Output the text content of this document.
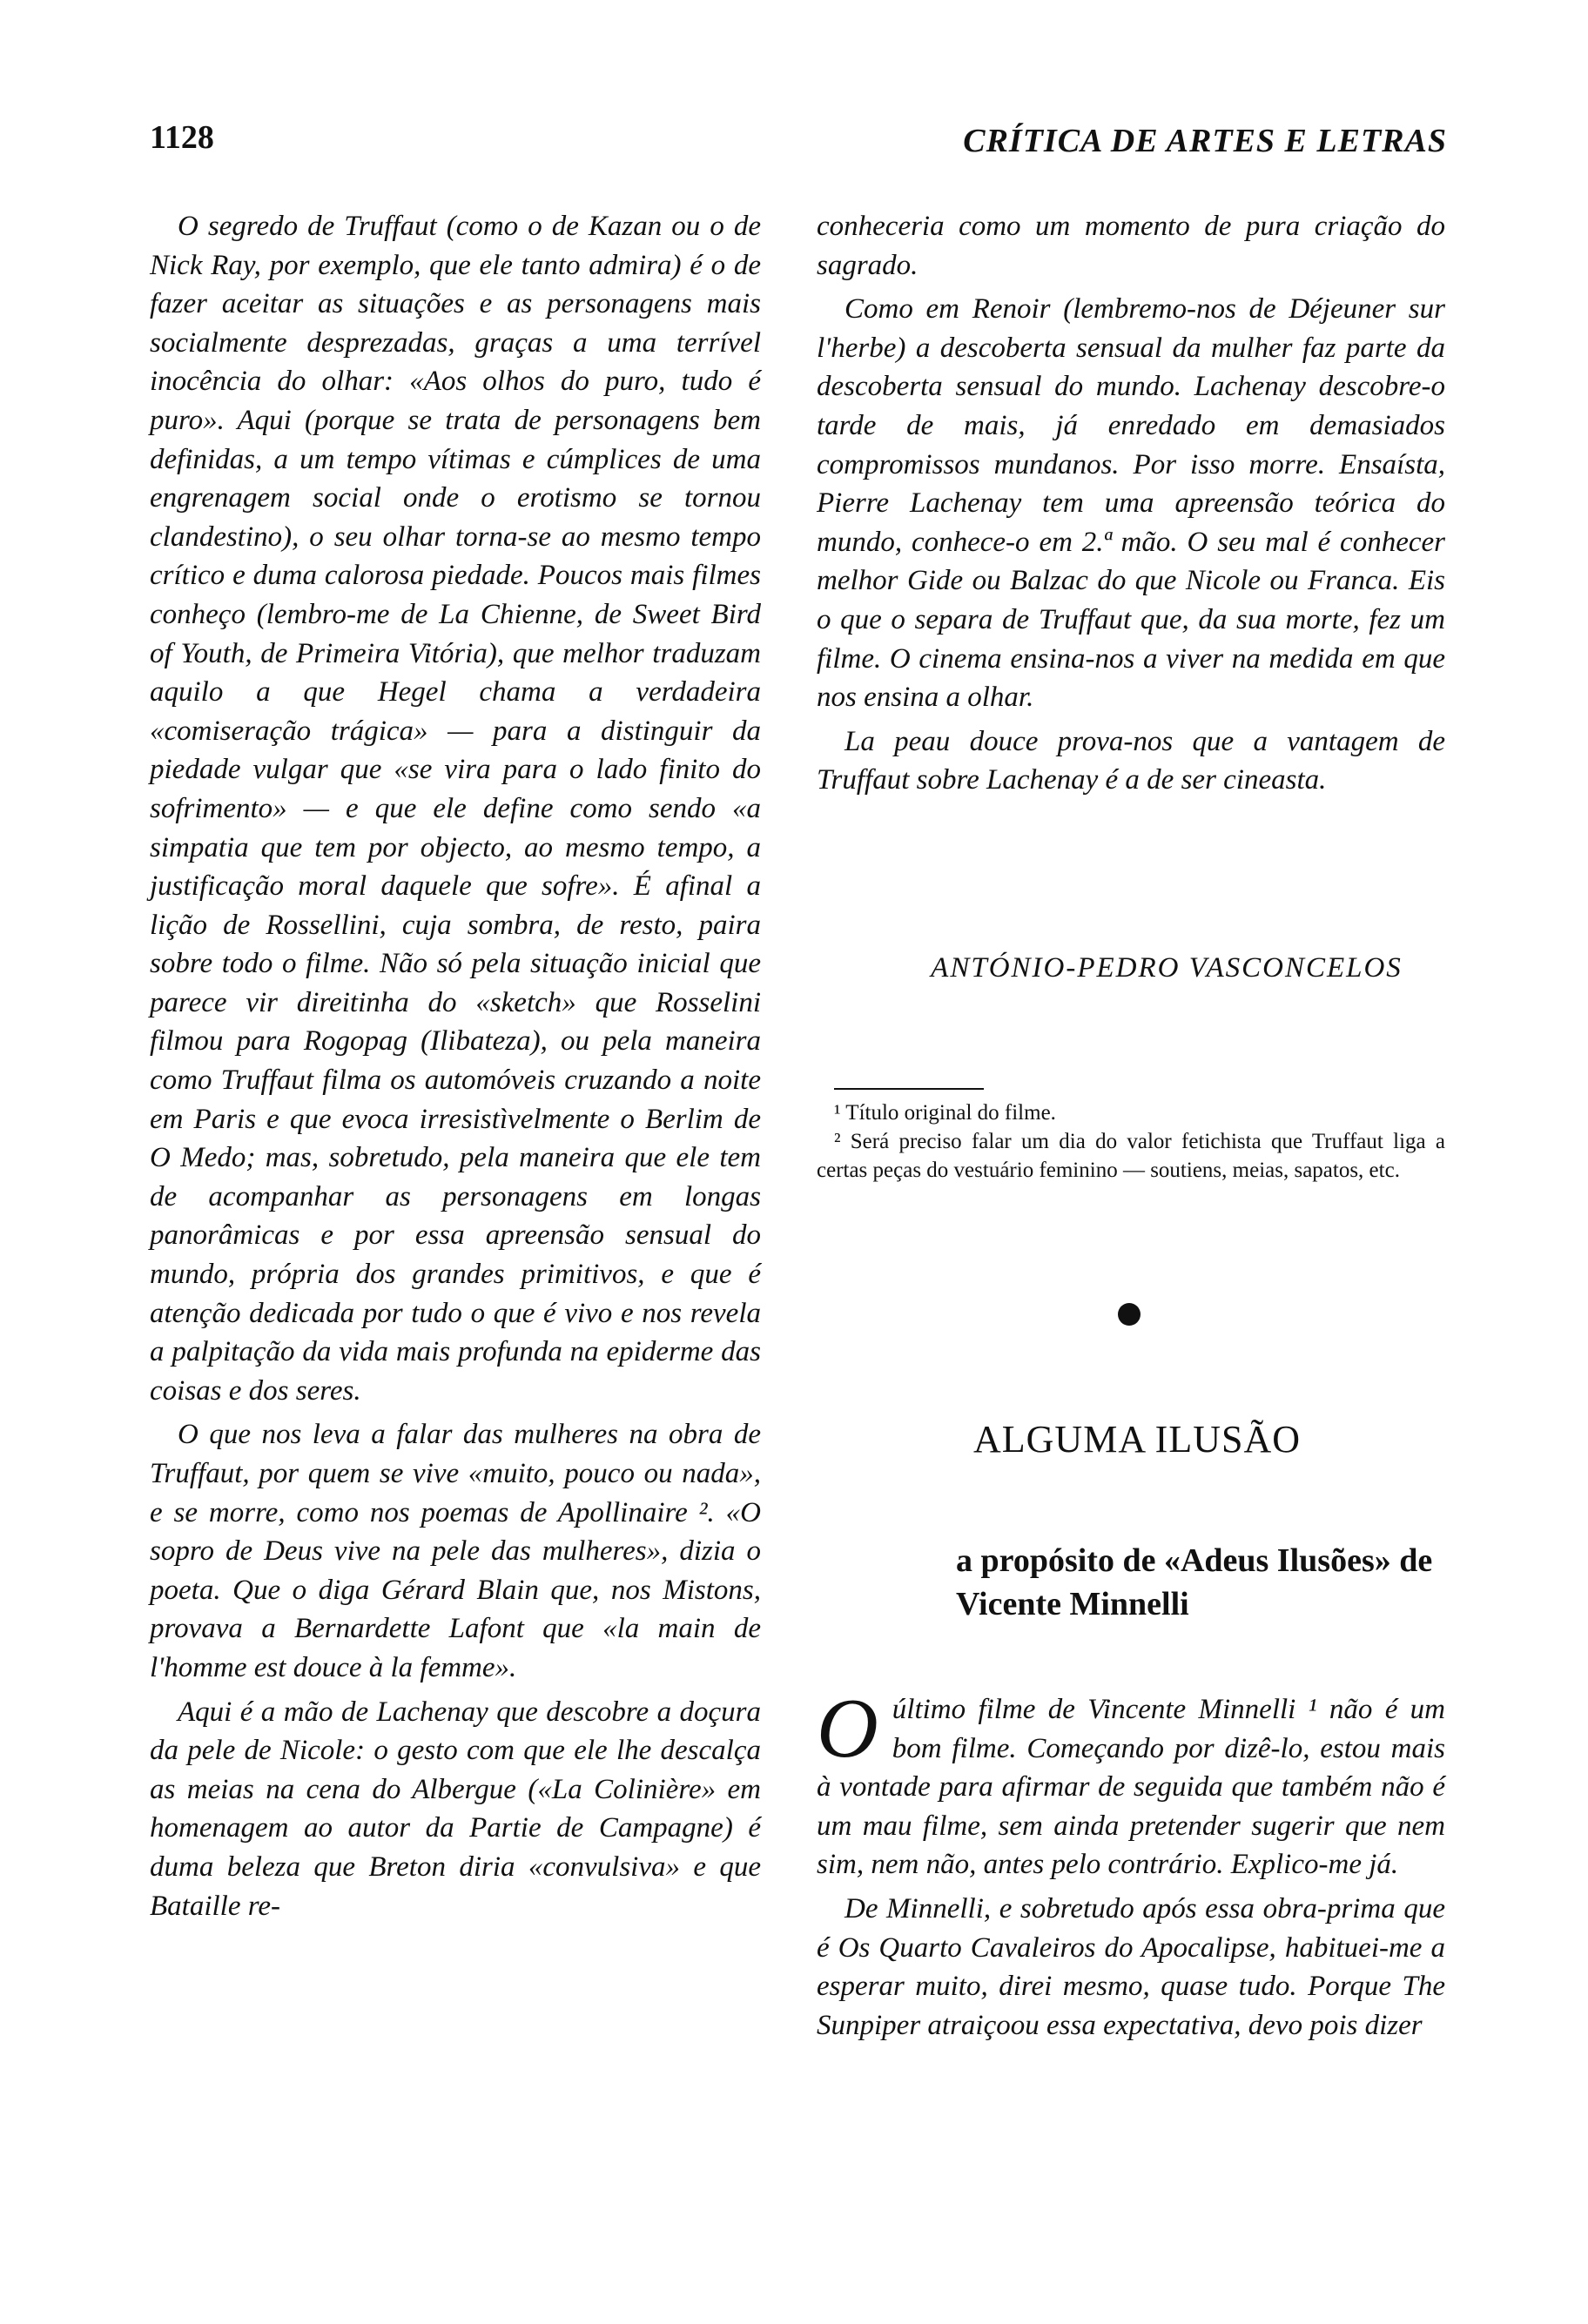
1128	CRÍTICA DE ARTES E LETRAS

O segredo de Truffaut (como o de Kazan ou o de Nick Ray, por exemplo, que ele tanto admira) é o de fazer aceitar as situações e as personagens mais socialmente desprezadas, graças a uma terrível inocência do olhar: «Aos olhos do puro, tudo é puro». Aqui (porque se trata de personagens bem definidas, a um tempo vítimas e cúmplices de uma engrenagem social onde o erotismo se tornou clandestino), o seu olhar torna-se ao mesmo tempo crítico e duma calorosa piedade. Poucos mais filmes conheço (lembro-me de La Chienne, de Sweet Bird of Youth, de Primeira Vitória), que melhor traduzam aquilo a que Hegel chama a verdadeira «comiseração trágica» — para a distinguir da piedade vulgar que «se vira para o lado finito do sofrimento» — e que ele define como sendo «a simpatia que tem por objecto, ao mesmo tempo, a justificação moral daquele que sofre». É afinal a lição de Rossellini, cuja sombra, de resto, paira sobre todo o filme. Não só pela situação inicial que parece vir direitinha do «sketch» que Rosselini filmou para Rogopag (Ilibateza), ou pela maneira como Truffaut filma os automóveis cruzando a noite em Paris e que evoca irresistìvelmente o Berlim de O Medo; mas, sobretudo, pela maneira que ele tem de acompanhar as personagens em longas panorâmicas e por essa apreensão sensual do mundo, própria dos grandes primitivos, e que é atenção dedicada por tudo o que é vivo e nos revela a palpitação da vida mais profunda na epiderme das coisas e dos seres.

O que nos leva a falar das mulheres na obra de Truffaut, por quem se vive «muito, pouco ou nada», e se morre, como nos poemas de Apollinaire ². «O sopro de Deus vive na pele das mulheres», dizia o poeta. Que o diga Gérard Blain que, nos Mistons, provava a Bernardette Lafont que «la main de l'homme est douce à la femme».

Aqui é a mão de Lachenay que descobre a doçura da pele de Nicole: o gesto com que ele lhe descalça as meias na cena do Albergue («La Colinière» em homenagem ao autor da Partie de Campagne) é duma beleza que Breton diria «convulsiva» e que Bataille re-

conheceria como um momento de pura criação do sagrado.

Como em Renoir (lembremo-nos de Déjeuner sur l'herbe) a descoberta sensual da mulher faz parte da descoberta sensual do mundo. Lachenay descobre-o tarde de mais, já enredado em demasiados compromissos mundanos. Por isso morre. Ensaísta, Pierre Lachenay tem uma apreensão teórica do mundo, conhece-o em 2.ª mão. O seu mal é conhecer melhor Gide ou Balzac do que Nicole ou Franca. Eis o que o separa de Truffaut que, da sua morte, fez um filme. O cinema ensina-nos a viver na medida em que nos ensina a olhar.

La peau douce prova-nos que a vantagem de Truffaut sobre Lachenay é a de ser cineasta.

ANTÓNIO-PEDRO VASCONCELOS

¹ Título original do filme.

² Será preciso falar um dia do valor fetichista que Truffaut liga a certas peças do vestuário feminino — soutiens, meias, sapatos, etc.

ALGUMA ILUSÃO
a propósito de «Adeus Ilusões» de Vicente Minnelli

Oúltimo filme de Vincente Minnelli ¹ não é um bom filme. Começando por dizê-lo, estou mais à vontade para afirmar de seguida que também não é um mau filme, sem ainda pretender sugerir que nem sim, nem não, antes pelo contrário. Explico-me já.

De Minnelli, e sobretudo após essa obra-prima que é Os Quarto Cavaleiros do Apocalipse, habituei-me a esperar muito, direi mesmo, quase tudo. Porque The Sunpiper atraiçoou essa expectativa, devo pois dizer
